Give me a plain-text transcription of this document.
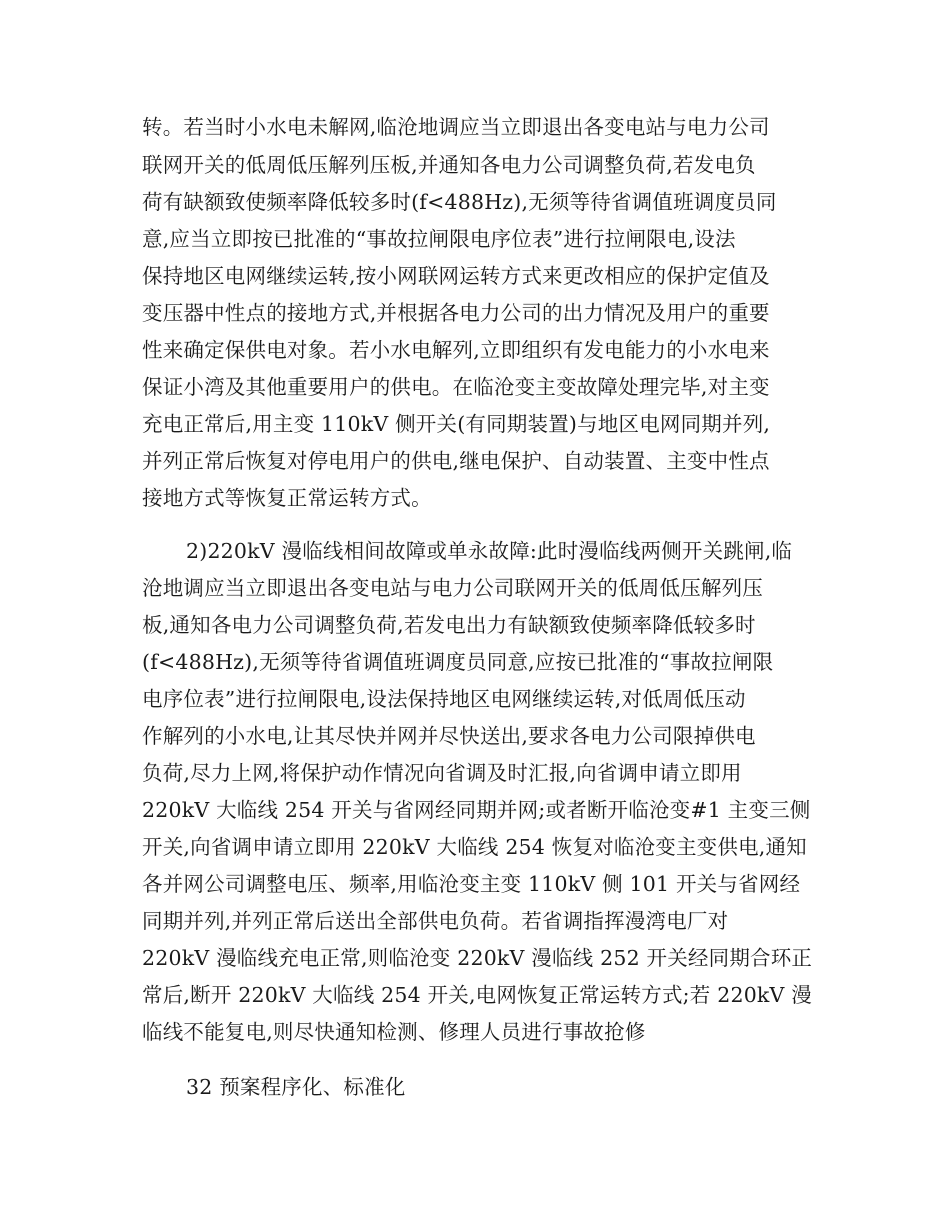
转。若当时小水电未解网,临沧地调应当立即退出各变电站与电力公司
联网开关的低周低压解列压板,并通知各电力公司调整负荷,若发电负
荷有缺额致使频率降低较多时(f<488Hz),无须等待省调值班调度员同
意,应当立即按已批准的“事故拉闸限电序位表”进行拉闸限电,设法
保持地区电网继续运转,按小网联网运转方式来更改相应的保护定值及
变压器中性点的接地方式,并根据各电力公司的出力情况及用户的重要
性来确定保供电对象。若小水电解列,立即组织有发电能力的小水电来
保证小湾及其他重要用户的供电。在临沧变主变故障处理完毕,对主变
充电正常后,用主变 110kV 侧开关(有同期装置)与地区电网同期并列,
并列正常后恢复对停电用户的供电,继电保护、自动装置、主变中性点
接地方式等恢复正常运转方式。
2)220kV 漫临线相间故障或单永故障:此时漫临线两侧开关跳闸,临
沧地调应当立即退出各变电站与电力公司联网开关的低周低压解列压
板,通知各电力公司调整负荷,若发电出力有缺额致使频率降低较多时
(f<488Hz),无须等待省调值班调度员同意,应按已批准的“事故拉闸限
电序位表”进行拉闸限电,设法保持地区电网继续运转,对低周低压动
作解列的小水电,让其尽快并网并尽快送出,要求各电力公司限掉供电
负荷,尽力上网,将保护动作情况向省调及时汇报,向省调申请立即用
220kV 大临线 254 开关与省网经同期并网;或者断开临沧变#1 主变三侧
开关,向省调申请立即用 220kV 大临线 254 恢复对临沧变主变供电,通知
各并网公司调整电压、频率,用临沧变主变 110kV 侧 101 开关与省网经
同期并列,并列正常后送出全部供电负荷。若省调指挥漫湾电厂对
220kV 漫临线充电正常,则临沧变 220kV 漫临线 252 开关经同期合环正
常后,断开 220kV 大临线 254 开关,电网恢复正常运转方式;若 220kV 漫
临线不能复电,则尽快通知检测、修理人员进行事故抢修
32 预案程序化、标准化
